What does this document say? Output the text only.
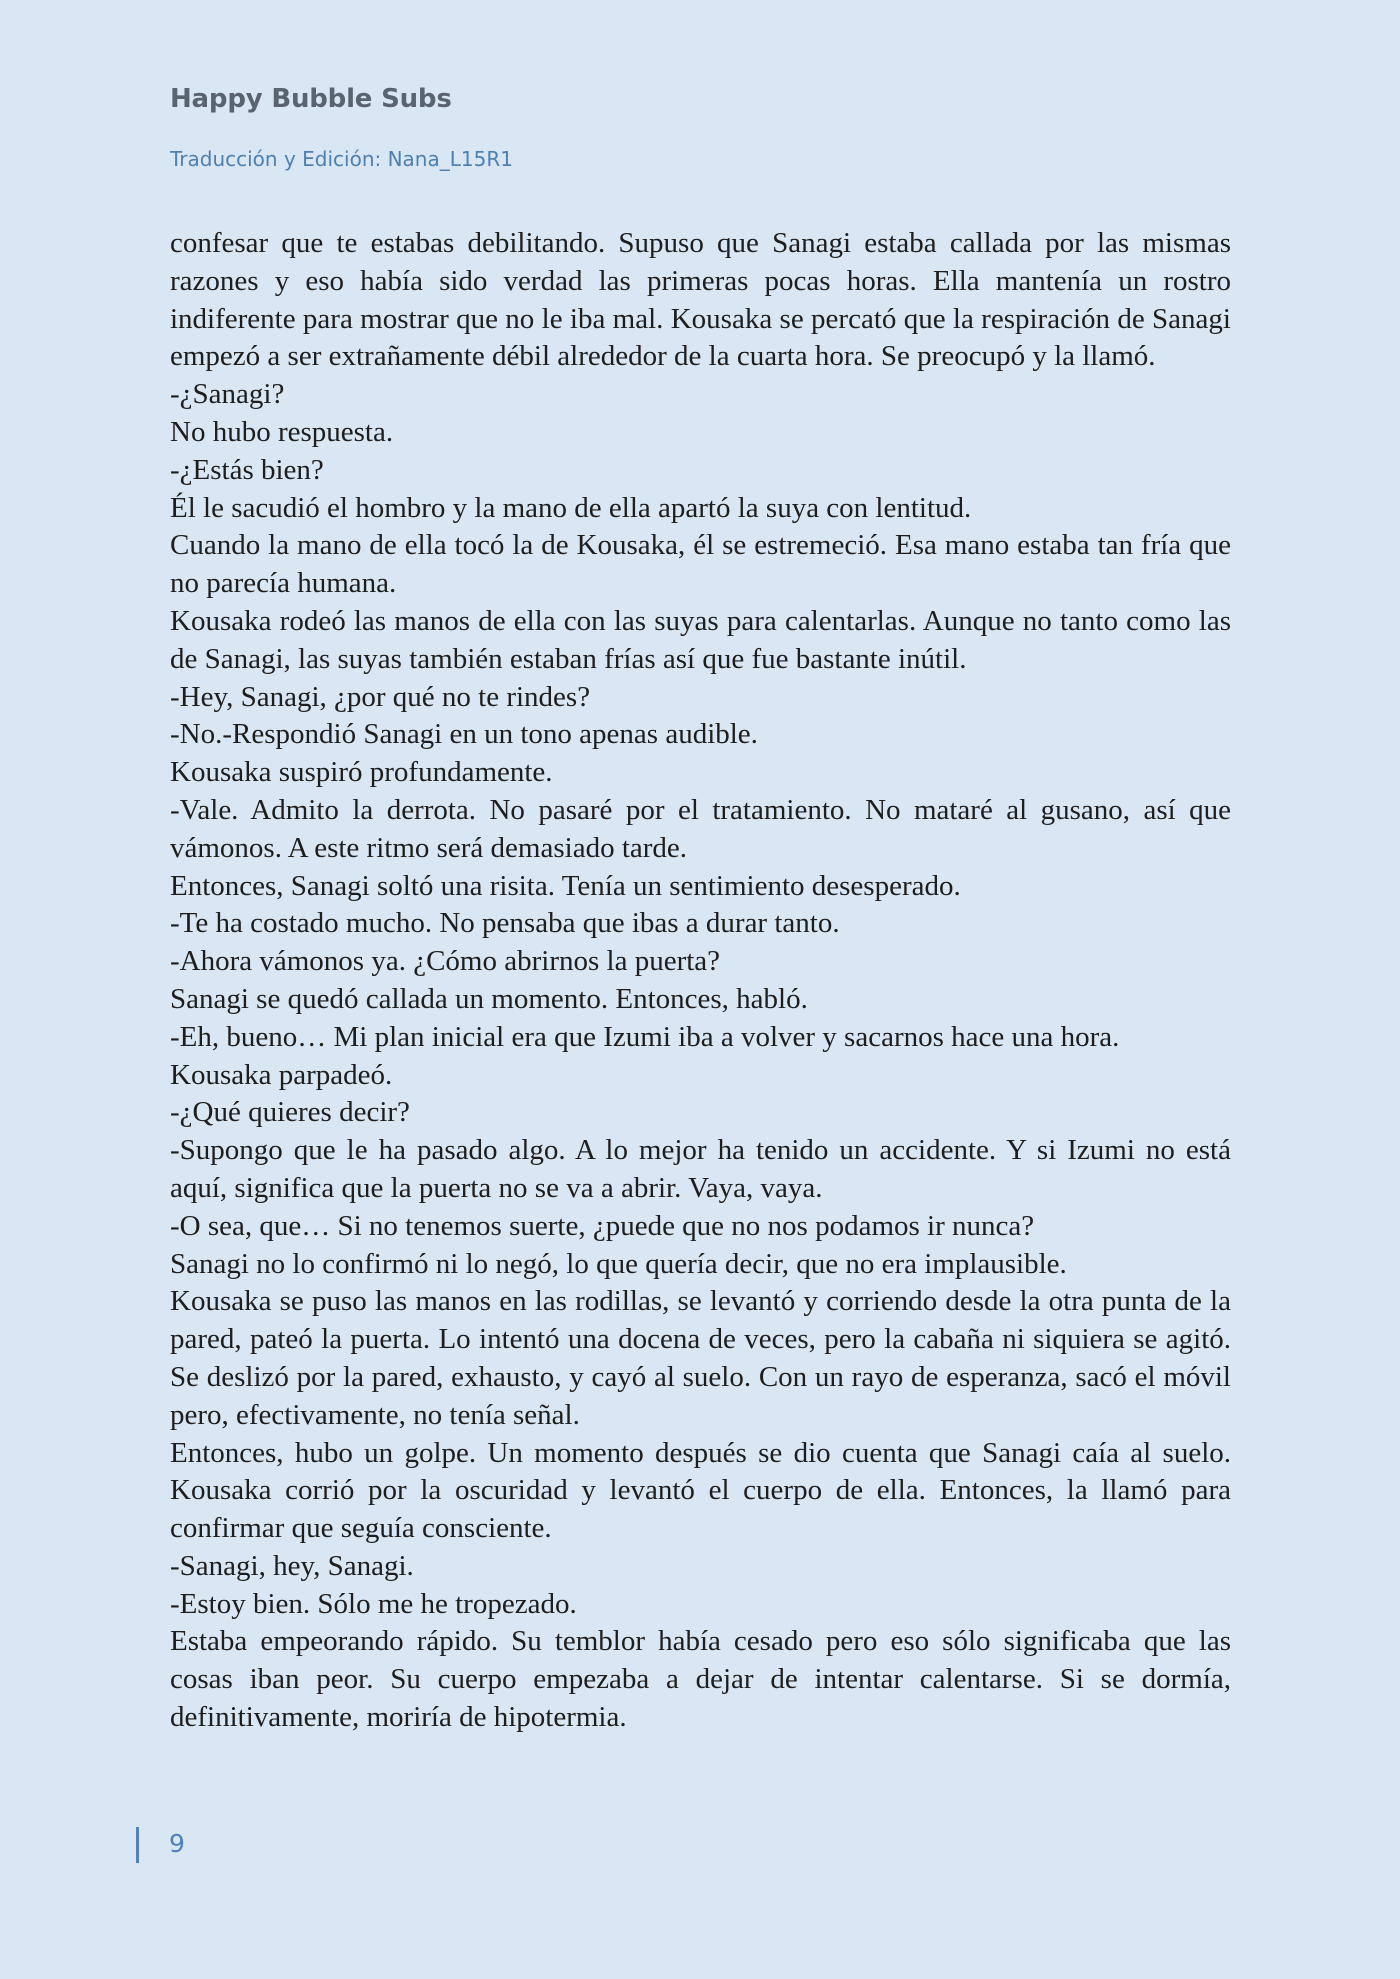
Happy Bubble Subs
Traducción y Edición: Nana_L15R1

confesar que te estabas debilitando. Supuso que Sanagi estaba callada por las mismas razones y eso había sido verdad las primeras pocas horas. Ella mantenía un rostro indiferente para mostrar que no le iba mal. Kousaka se percató que la respiración de Sanagi empezó a ser extrañamente débil alrededor de la cuarta hora. Se preocupó y la llamó.

-¿Sanagi?

No hubo respuesta.

-¿Estás bien?

Él le sacudió el hombro y la mano de ella apartó la suya con lentitud.

Cuando la mano de ella tocó la de Kousaka, él se estremeció. Esa mano estaba tan fría que no parecía humana.

Kousaka rodeó las manos de ella con las suyas para calentarlas. Aunque no tanto como las de Sanagi, las suyas también estaban frías así que fue bastante inútil.

-Hey, Sanagi, ¿por qué no te rindes?

-No.-Respondió Sanagi en un tono apenas audible.

Kousaka suspiró profundamente.

-Vale. Admito la derrota. No pasaré por el tratamiento. No mataré al gusano, así que vámonos. A este ritmo será demasiado tarde.

Entonces, Sanagi soltó una risita. Tenía un sentimiento desesperado.

-Te ha costado mucho. No pensaba que ibas a durar tanto.

-Ahora vámonos ya. ¿Cómo abrirnos la puerta?

Sanagi se quedó callada un momento. Entonces, habló.

-Eh, bueno… Mi plan inicial era que Izumi iba a volver y sacarnos hace una hora.

Kousaka parpadeó.

-¿Qué quieres decir?

-Supongo que le ha pasado algo. A lo mejor ha tenido un accidente. Y si Izumi no está aquí, significa que la puerta no se va a abrir. Vaya, vaya.

-O sea, que… Si no tenemos suerte, ¿puede que no nos podamos ir nunca?

Sanagi no lo confirmó ni lo negó, lo que quería decir, que no era implausible.

Kousaka se puso las manos en las rodillas, se levantó y corriendo desde la otra punta de la pared, pateó la puerta. Lo intentó una docena de veces, pero la cabaña ni siquiera se agitó. Se deslizó por la pared, exhausto, y cayó al suelo. Con un rayo de esperanza, sacó el móvil pero, efectivamente, no tenía señal.

Entonces, hubo un golpe. Un momento después se dio cuenta que Sanagi caía al suelo. Kousaka corrió por la oscuridad y levantó el cuerpo de ella. Entonces, la llamó para confirmar que seguía consciente.

-Sanagi, hey, Sanagi.

-Estoy bien. Sólo me he tropezado.

Estaba empeorando rápido. Su temblor había cesado pero eso sólo significaba que las cosas iban peor. Su cuerpo empezaba a dejar de intentar calentarse. Si se dormía, definitivamente, moriría de hipotermia.

9
